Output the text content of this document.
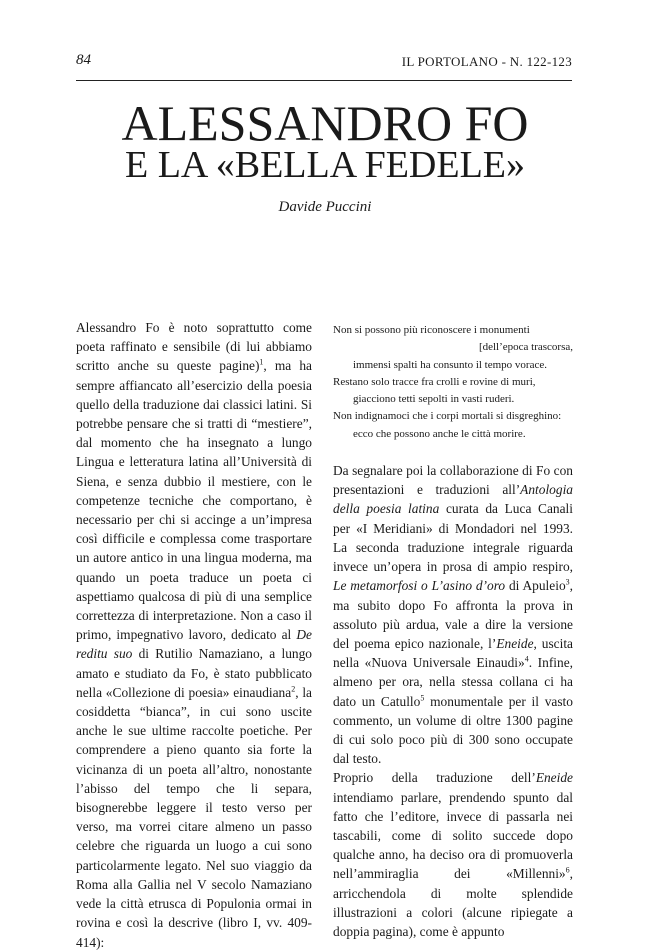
84	IL PORTOLANO - N. 122-123
ALESSANDRO FO
E LA «BELLA FEDELE»
Davide Puccini

Alessandro Fo è noto soprattutto come poeta raffinato e sensibile (di lui abbiamo scritto anche su queste pagine)$^1$, ma ha sempre affiancato all’esercizio della poesia quello della traduzione dai classici latini. Si potrebbe pensare che si tratti di “mestiere”, dal momento che ha insegnato a lungo Lingua e letteratura latina all’Università di Siena, e senza dubbio il mestiere, con le competenze tecniche che comportano, è necessario per chi si accinge a un’impresa così difficile e complessa come trasportare un autore antico in una lingua moderna, ma quando un poeta traduce un poeta ci aspettiamo qualcosa di più di una semplice correttezza di interpretazione. Non a caso il primo, impegnativo lavoro, dedicato al De reditu suo di Rutilio Namaziano, a lungo amato e studiato da Fo, è stato pubblicato nella «Collezione di poesia» einaudiana$^2$, la cosiddetta “bianca”, in cui sono uscite anche le sue ultime raccolte poetiche. Per comprendere a pieno quanto sia forte la vicinanza di un poeta all’altro, nonostante l’abisso del tempo che li separa, bisognerebbe leggere il testo verso per verso, ma vorrei citare almeno un passo celebre che riguarda un luogo a cui sono particolarmente legato. Nel suo viaggio da Roma alla Gallia nel V secolo Namaziano vede la città etrusca di Populonia ormai in rovina e così la descrive (libro I, vv. 409-414):

Non si possono più riconoscere i monumenti
[dell’epoca trascorsa,
immensi spalti ha consunto il tempo vorace.
Restano solo tracce fra crolli e rovine di muri,
giacciono tetti sepolti in vasti ruderi.
Non indignamoci che i corpi mortali si disgreghino:
ecco che possono anche le città morire.

Da segnalare poi la collaborazione di Fo con presentazioni e traduzioni all’Antologia della poesia latina curata da Luca Canali per «I Meridiani» di Mondadori nel 1993. La seconda traduzione integrale riguarda invece un’opera in prosa di ampio respiro, Le metamorfosi o L’asino d’oro di Apuleio$^3$, ma subito dopo Fo affronta la prova in assoluto più ardua, vale a dire la versione del poema epico nazionale, l’Eneide, uscita nella «Nuova Universale Einaudi»$^4$. Infine, almeno per ora, nella stessa collana ci ha dato un Catullo$^5$ monumentale per il vasto commento, un volume di oltre 1300 pagine di cui solo poco più di 300 sono occupate dal testo.

Proprio della traduzione dell’Eneide intendiamo parlare, prendendo spunto dal fatto che l’editore, invece di passarla nei tascabili, come di solito succede dopo qualche anno, ha deciso ora di promuoverla nell’ammiraglia dei «Millenni»$^6$, arricchendola di molte splendide illustrazioni a colori (alcune ripiegate a doppia pagina), come è appunto
